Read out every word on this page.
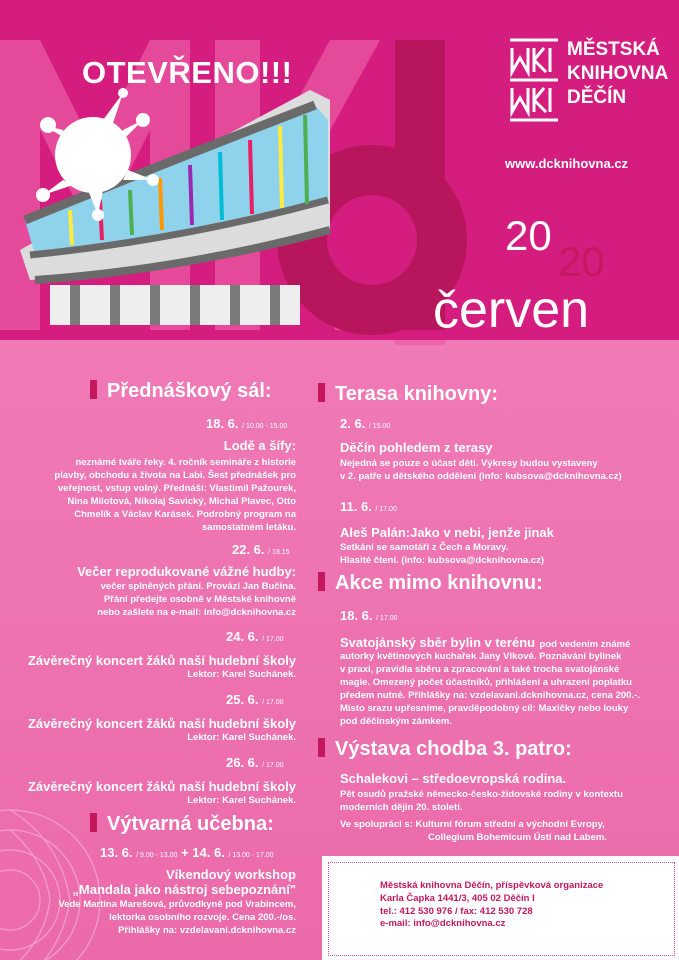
OTEVŘENO!!!
MĚSTSKÁ
KNIHOVNA
DĚČÍN
www.dcknihovna.cz
20
20
červen
Přednáškový sál:
18. 6. / 10.00 - 15.00
Lodě a šífy:
neznámé tváře řeky. 4. ročník semináře z historie
plavby, obchodu a života na Labi. Šest přednášek pro
veřejnost, vstup volný. Přednáší: Vlastimil Pažourek,
Nina Milotová, Nikolaj Savický, Michal Plavec, Otto
Chmelík a Václav Karásek. Podrobný program na
samostatném letáku.
22. 6. / 18.15
Večer reprodukované vážné hudby:
večer splněných přání. Provází Jan Bučina.
Přání předejte osobně v Městské knihovně
nebo zašlete na e-mail: info@dcknihovna.cz
24. 6. / 17.00
Závěrečný koncert žáků naší hudební školy
Lektor: Karel Suchánek.
25. 6. / 17.00
Závěrečný koncert žáků naší hudební školy
Lektor: Karel Suchánek.
26. 6. / 17.00
Závěrečný koncert žáků naší hudební školy
Lektor: Karel Suchánek.
Výtvarná učebna:
13. 6. / 9.00 - 13.00 + 14. 6. / 13.00 - 17.00
Víkendový workshop
„Mandala jako nástroj sebepoznání"
Vede Martina Marešová, průvodkyně pod Vrabincem,
lektorka osobního rozvoje. Cena 200.-/os.
Přihlášky na: vzdelavani.dcknihovna.cz
Terasa knihovny:
2. 6. / 15.00
Děčín pohledem z terasy
Nejedná se pouze o účast dětí. Výkresy budou vystaveny
v 2. patře u dětského oddělení (info: kubsova@dcknihovna.cz)
11. 6. / 17.00
Aleš Palán:Jako v nebi, jenže jinak
Setkání se samotáři z Čech a Moravy.
Hlasité čtení. (info: kubsova@dcknihovna.cz)
Akce mimo knihovnu:
18. 6. / 17.00
Svatojánský sběr bylin v terénu pod vedením známé
autorky květinových kuchařek Jany Vlkové. Poznávání bylinek
v praxi, pravidla sběru a zpracování a také trocha svatojánské
magie. Omezený počet účastníků, přihlášení a uhrazení poplatku
předem nutné. Přihlášky na: vzdelavani.dcknihovna.cz, cena 200.-.
Místo srazu upřesníme, pravděpodobný cíl: Maxičky nebo louky
pod děčínským zámkem.
Výstava chodba 3. patro:
Schalekovi – středoevropská rodina.
Pět osudů pražské německo-česko-židovské rodiny v kontextu
moderních dějin 20. století.
Ve spolupráci s: Kulturní fórum střední a východní Evropy,
Collegium Bohemicum Ústí nad Labem.
Městská knihovna Děčín, příspěvková organizace
Karla Čapka 1441/3, 405 02 Děčín I
tel.: 412 530 976 / fax: 412 530 728
e-mail: info@dcknihovna.cz
